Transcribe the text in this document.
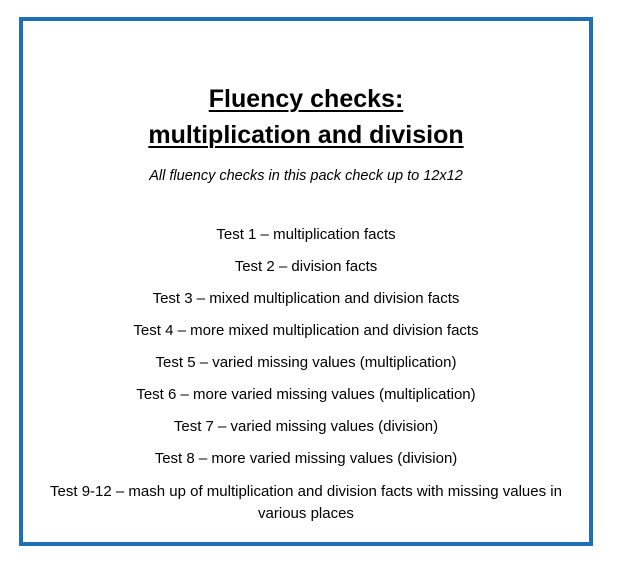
Fluency checks:
multiplication and division
All fluency checks in this pack check up to 12x12
Test 1 – multiplication facts
Test 2 – division facts
Test 3 – mixed multiplication and division facts
Test 4 – more mixed multiplication and division facts
Test 5 – varied missing values (multiplication)
Test 6 – more varied missing values (multiplication)
Test 7 – varied missing values (division)
Test 8 – more varied missing values (division)
Test 9-12 – mash up of multiplication and division facts with missing values in various places
